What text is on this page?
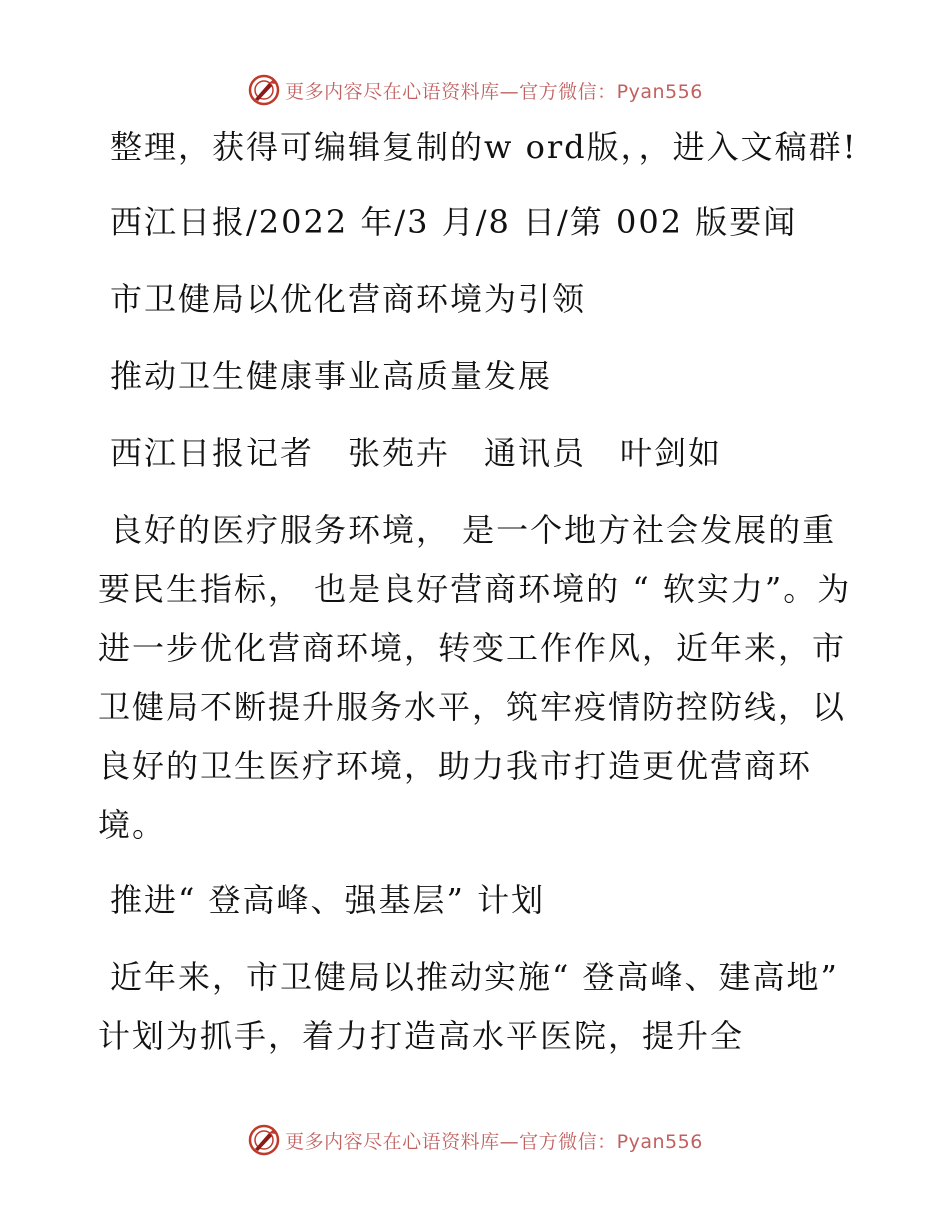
更多内容尽在心语资料库—官方微信：Pyan556

整理，获得可编辑复制的w ord版，，进入文稿群!

西江日报/2022 年/3 月/8 日/第 002 版要闻

市卫健局以优化营商环境为引领

推动卫生健康事业高质量发展

西江日报记者　张苑卉　通讯员　叶剑如

良好的医疗服务环境， 是一个地方社会发展的重要民生指标， 也是良好营商环境的 “ 软实力”。为进一步优化营商环境，转变工作作风，近年来，市卫健局不断提升服务水平，筑牢疫情防控防线，以良好的卫生医疗环境，助力我市打造更优营商环境。

推进“ 登高峰、强基层” 计划

近年来，市卫健局以推动实施“ 登高峰、建高地” 计划为抓手，着力打造高水平医院，提升全

更多内容尽在心语资料库—官方微信：Pyan556
